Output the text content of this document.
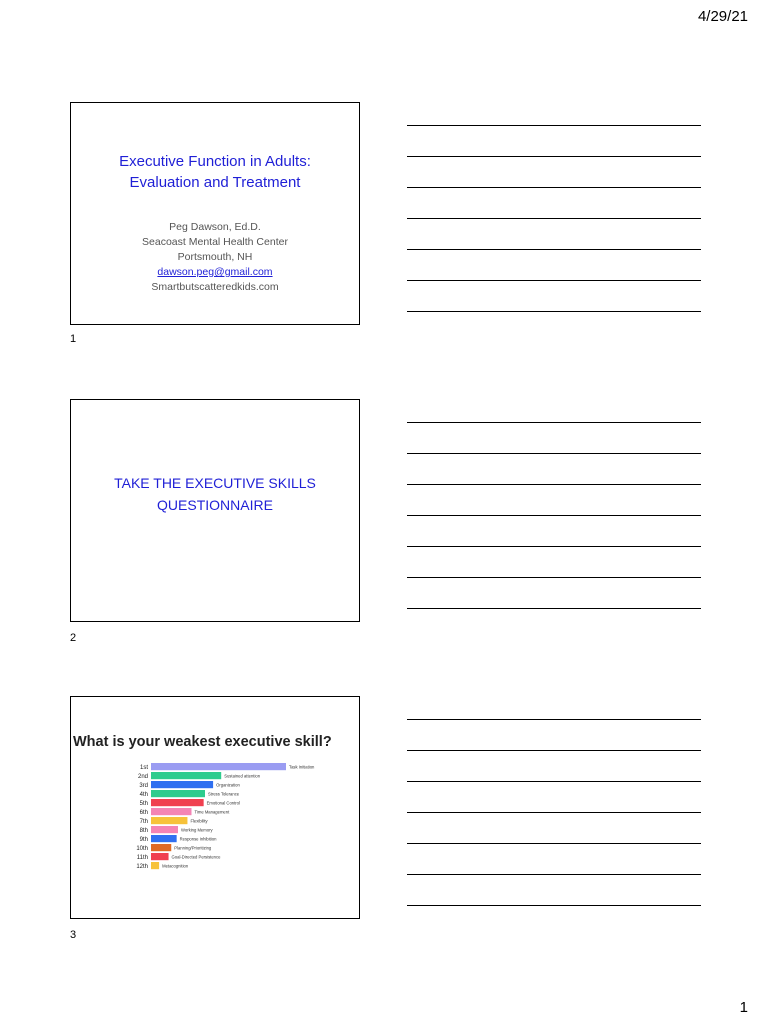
4/29/21
Executive Function in Adults:
Evaluation and Treatment
Peg Dawson, Ed.D.
Seacoast Mental Health Center
Portsmouth, NH
dawson.peg@gmail.com
Smartbutscatteredkids.com
1
TAKE THE EXECUTIVE SKILLS
QUESTIONNAIRE
2
What is your weakest executive skill?
1st	Task Initiation
2nd	Sustained attention
3rd	Organization
4th	Stress Tolerance
5th	Emotional Control
6th	Time Management
7th	Flexibility
8th	Working Memory
9th	Response Inhibition
10th	Planning/Prioritizing
11th	Goal-Directed Persistence
12th	Metacognition
3
1
